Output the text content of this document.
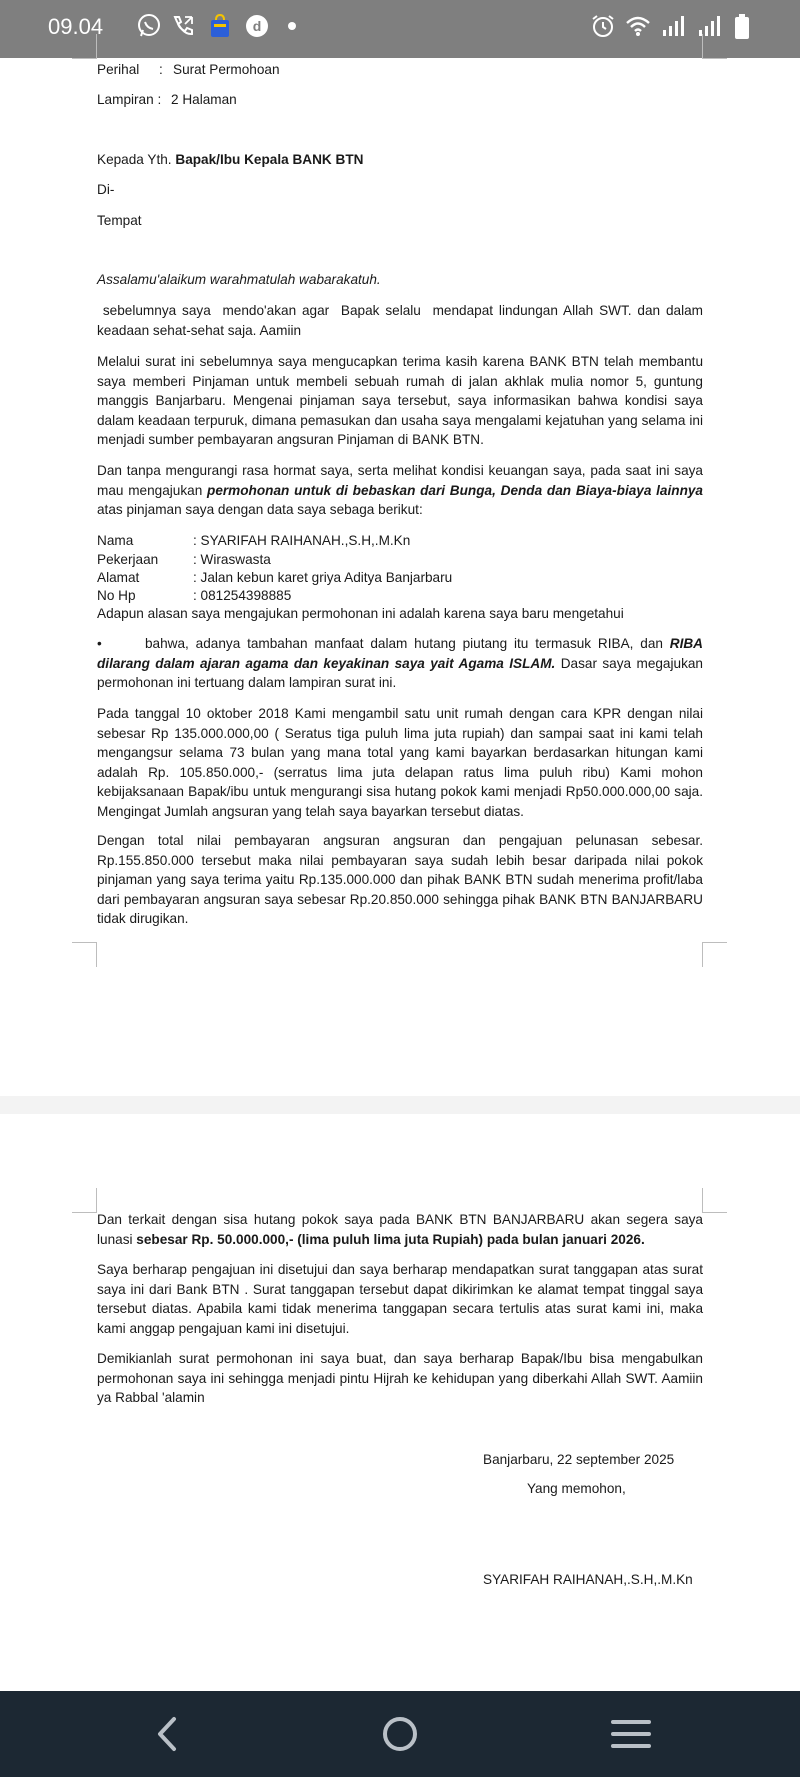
09.04	d
Perihal : Surat Permohoan
Lampiran : 2 Halaman
Kepada Yth. Bapak/Ibu Kepala BANK BTN

Di-

Tempat

Assalamu'alaikum warahmatulah wabarakatuh.

sebelumnya saya  mendo'akan agar  Bapak selalu  mendapat lindungan Allah SWT. dan dalam keadaan sehat-sehat saja. Aamiin

Melalui surat ini sebelumnya saya mengucapkan terima kasih karena BANK BTN telah membantu saya memberi Pinjaman untuk membeli sebuah rumah di jalan akhlak mulia nomor 5, guntung manggis Banjarbaru. Mengenai pinjaman saya tersebut, saya informasikan bahwa kondisi saya dalam keadaan terpuruk, dimana pemasukan dan usaha saya mengalami kejatuhan yang selama ini menjadi sumber pembayaran angsuran Pinjaman di BANK BTN.

Dan tanpa mengurangi rasa hormat saya, serta melihat kondisi keuangan saya, pada saat ini saya mau mengajukan permohonan untuk di bebaskan dari Bunga, Denda dan Biaya-biaya lainnya atas pinjaman saya dengan data saya sebaga berikut:

Nama	: SYARIFAH RAIHANAH.,S.H,.M.Kn
Pekerjaan	: Wiraswasta
Alamat	: Jalan kebun karet griya Aditya Banjarbaru
No Hp	: 081254398885

Adapun alasan saya mengajukan permohonan ini adalah karena saya baru mengetahui

•	bahwa, adanya tambahan manfaat dalam hutang piutang itu termasuk RIBA, dan RIBA dilarang dalam ajaran agama dan keyakinan saya yait Agama ISLAM. Dasar saya megajukan permohonan ini tertuang dalam lampiran surat ini.

Pada tanggal 10 oktober 2018 Kami mengambil satu unit rumah dengan cara KPR dengan nilai sebesar Rp 135.000.000,00 ( Seratus tiga puluh lima juta rupiah) dan sampai saat ini kami telah mengangsur selama 73 bulan yang mana total yang kami bayarkan berdasarkan hitungan kami adalah Rp. 105.850.000,- (serratus lima juta delapan ratus lima puluh ribu) Kami mohon kebijaksanaan Bapak/ibu untuk mengurangi sisa hutang pokok kami menjadi Rp50.000.000,00 saja. Mengingat Jumlah angsuran yang telah saya bayarkan tersebut diatas.

Dengan total nilai pembayaran angsuran angsuran dan pengajuan pelunasan sebesar. Rp.155.850.000 tersebut maka nilai pembayaran saya sudah lebih besar daripada nilai pokok pinjaman yang saya terima yaitu Rp.135.000.000 dan pihak BANK BTN sudah menerima profit/laba dari pembayaran angsuran saya sebesar Rp.20.850.000 sehingga pihak BANK BTN BANJARBARU tidak dirugikan.

Dan terkait dengan sisa hutang pokok saya pada BANK BTN BANJARBARU akan segera saya lunasi sebesar Rp. 50.000.000,- (lima puluh lima juta Rupiah) pada bulan januari 2026.

Saya berharap pengajuan ini disetujui dan saya berharap mendapatkan surat tanggapan atas surat saya ini dari Bank BTN . Surat tanggapan tersebut dapat dikirimkan ke alamat tempat tinggal saya tersebut diatas. Apabila kami tidak menerima tanggapan secara tertulis atas surat kami ini, maka kami anggap pengajuan kami ini disetujui.

Demikianlah surat permohonan ini saya buat, dan saya berharap Bapak/Ibu bisa mengabulkan permohonan saya ini sehingga menjadi pintu Hijrah ke kehidupan yang diberkahi Allah SWT. Aamiin ya Rabbal 'alamin

Banjarbaru, 22 september 2025

Yang memohon,

SYARIFAH RAIHANAH,.S.H,.M.Kn
